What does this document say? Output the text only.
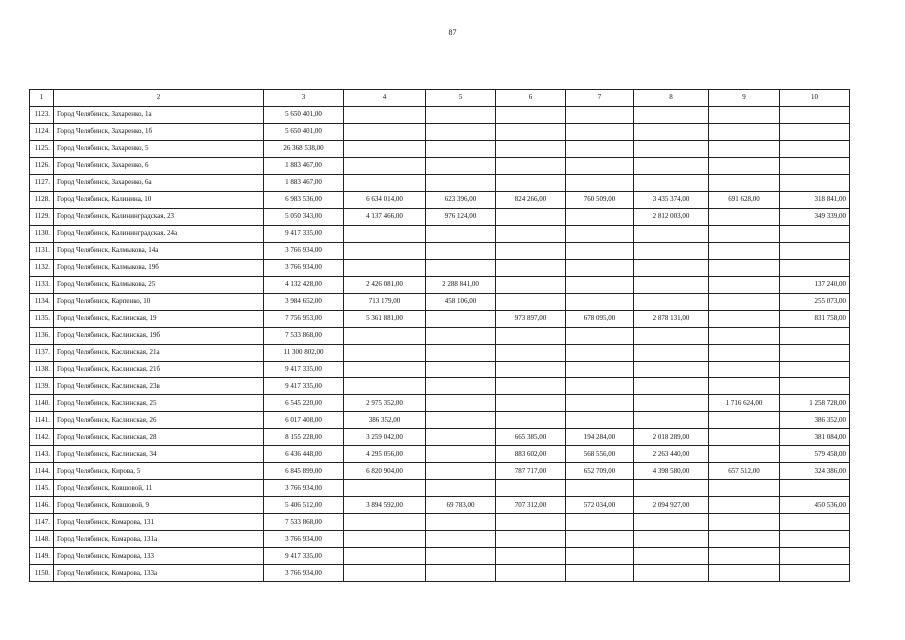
87
1	2	3	4	5	6	7	8	9	10
1123.	Город Челябинск, Захаренко, 1а	5 650 401,00							
1124.	Город Челябинск, Захаренко, 1б	5 650 401,00							
1125.	Город Челябинск, Захаренко, 5	26 368 538,00							
1126.	Город Челябинск, Захаренко, 6	1 883 467,00							
1127.	Город Челябинск, Захаренко, 6а	1 883 467,00							
1128.	Город Челябинск, Калинина, 10	6 983 536,00	6 634 014,00	623 396,00	824 266,00	760 509,00	3 435 374,00	691 628,00	318 841,00
1129.	Город Челябинск, Калининградская, 23	5 050 343,00	4 137 466,00	976 124,00			2 812 003,00		349 339,00
1130.	Город Челябинск, Калининградская, 24а	9 417 335,00							
1131.	Город Челябинск, Калмыкова, 14а	3 766 934,00							
1132.	Город Челябинск, Калмыкова, 19б	3 766 934,00							
1133.	Город Челябинск, Калмыкова, 25	4 132 428,00	2 426 081,00	2 288 841,00					137 240,00
1134.	Город Челябинск, Карпенко, 10	3 984 652,00	713 179,00	458 106,00					255 073,00
1135.	Город Челябинск, Каслинская, 19	7 756 953,00	5 361 881,00		973 897,00	678 095,00	2 878 131,00		831 758,00
1136.	Город Челябинск, Каслинская, 19б	7 533 868,00							
1137.	Город Челябинск, Каслинская, 21а	11 300 802,00							
1138.	Город Челябинск, Каслинская, 21б	9 417 335,00							
1139.	Город Челябинск, Каслинская, 23в	9 417 335,00							
1140.	Город Челябинск, Каслинская, 25	6 545 220,00	2 975 352,00					1 716 624,00	1 258 728,00
1141.	Город Челябинск, Каслинская, 26	6 017 408,00	386 352,00						386 352,00
1142.	Город Челябинск, Каслинская, 28	8 155 228,00	3 259 042,00		665 385,00	194 284,00	2 018 289,00		381 084,00
1143.	Город Челябинск, Каслинская, 34	6 436 448,00	4 295 056,00		883 602,00	568 556,00	2 263 440,00		579 458,00
1144.	Город Челябинск, Кирова, 5	6 845 899,00	6 820 904,00		787 717,00	652 709,00	4 398 580,00	657 512,00	324 386,00
1145.	Город Челябинск, Ковшовой, 11	3 766 934,00							
1146.	Город Челябинск, Ковшовой, 9	5 406 512,00	3 894 592,00	69 783,00	707 312,00	572 034,00	2 094 927,00		450 536,00
1147.	Город Челябинск, Комарова, 131	7 533 868,00							
1148.	Город Челябинск, Комарова, 131а	3 766 934,00							
1149.	Город Челябинск, Комарова, 133	9 417 335,00							
1150.	Город Челябинск, Комарова, 133а	3 766 934,00							
